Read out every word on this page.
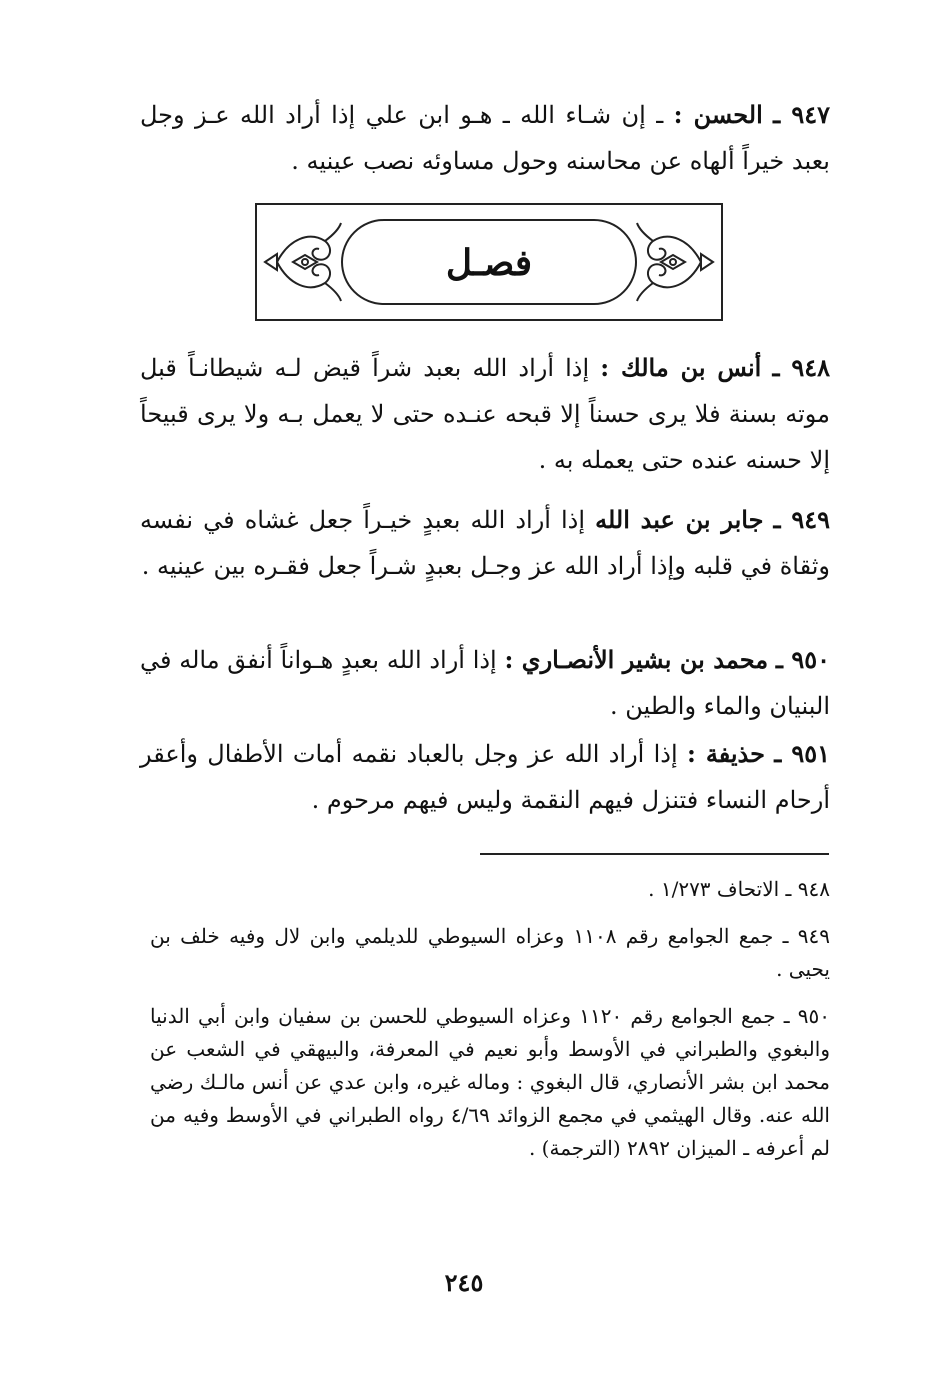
٩٤٧ ـ الحسن : ـ إن شـاء الله ـ هـو ابن علي إذا أراد الله عـز وجل بعبد خيراً ألهاه عن محاسنه وحول مساوئه نصب عينيه .
فصـل
٩٤٨ ـ أنس بن مالك : إذا أراد الله بعبد شراً قيض لـه شيطانـاً قبل موته بسنة فلا يرى حسناً إلا قبحه عنـده حتى لا يعمل بـه ولا يرى قبيحاً إلا حسنه عنده حتى يعمله به .
٩٤٩ ـ جابر بن عبد الله إذا أراد الله بعبدٍ خيـراً جعل غشاه في نفسه وثقاة في قلبه وإذا أراد الله عز وجـل بعبدٍ شـراً جعل فقـره بين عينيه .
٩٥٠ ـ محمد بن بشير الأنصـاري : إذا أراد الله بعبدٍ هـواناً أنفق ماله في البنيان والماء والطين .
٩٥١ ـ حذيفة : إذا أراد الله عز وجل بالعباد نقمه أمات الأطفال وأعقر أرحام النساء فتنزل فيهم النقمة وليس فيهم مرحوم .
٩٤٨ ـ الاتحاف ١/٢٧٣ .
٩٤٩ ـ جمع الجوامع رقم ١١٠٨ وعزاه السيوطي للديلمي وابن لال وفيه خلف بن يحيى .
٩٥٠ ـ جمع الجوامع رقم ١١٢٠ وعزاه السيوطي للحسن بن سفيان وابن أبي الدنيا والبغوي والطبراني في الأوسط وأبو نعيم في المعرفة، والبيهقي في الشعب عن محمد ابن بشر الأنصاري، قال البغوي : وماله غيره، وابن عدي عن أنس مالـك رضي الله عنه. وقال الهيثمي في مجمع الزوائد ٤/٦٩ رواه الطبراني في الأوسط وفيه من لم أعرفه ـ الميزان ٢٨٩٢ (الترجمة) .
٢٤٥
